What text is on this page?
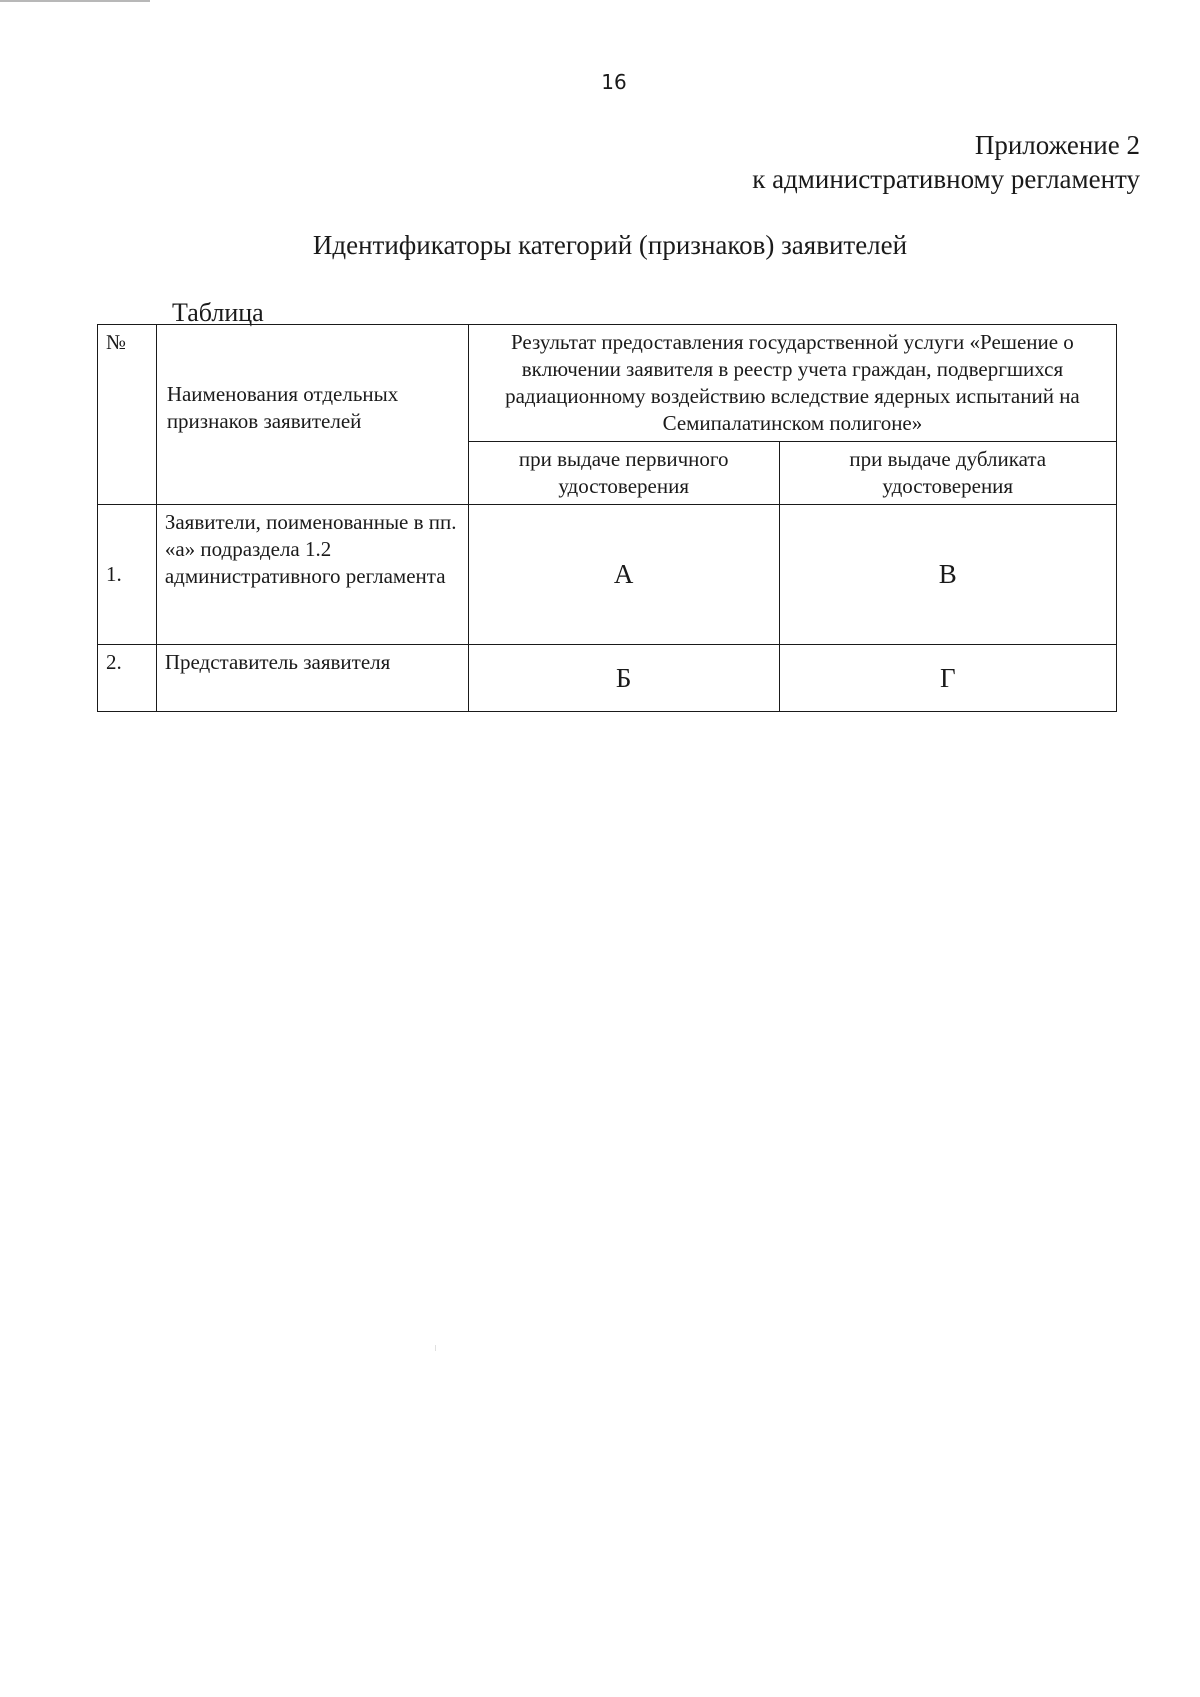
16
Приложение 2
к административному регламенту
Идентификаторы категорий (признаков) заявителей
Таблица
№	Наименования отдельных признаков заявителей	Результат предоставления государственной услуги «Решение о включении заявителя в реестр учета граждан, подвергшихся радиационному воздействию вследствие ядерных испытаний на Семипалатинском полигоне»	
		при выдаче первичного удостоверения	при выдаче дубликата удостоверения
1.	Заявители, поименованные в пп. «а» подраздела 1.2 административного регламента	А	В
2.	Представитель заявителя	Б	Г
